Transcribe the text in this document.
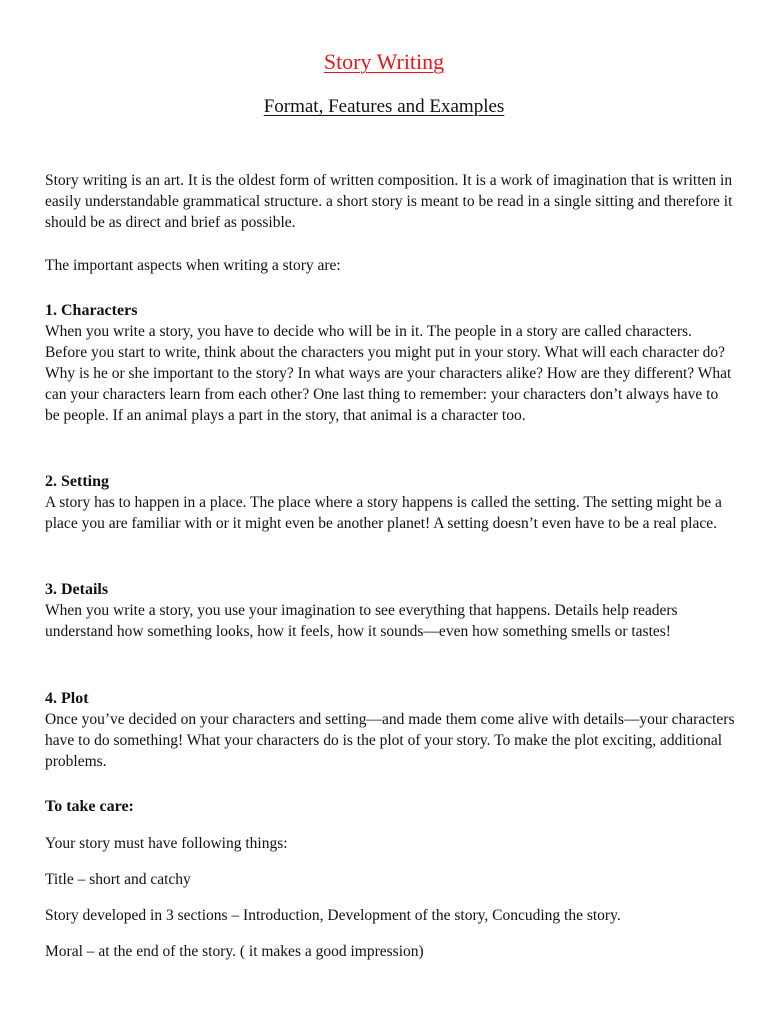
Story Writing
Format, Features and Examples

Story writing is an art. It is the oldest form of written composition. It is a work of imagination that is written in easily understandable grammatical structure. a short story is meant to be read in a single sitting and therefore it should be as direct and brief as possible.

The important aspects when writing a story are:

1. Characters

When you write a story, you have to decide who will be in it. The people in a story are called characters. Before you start to write, think about the characters you might put in your story. What will each character do? Why is he or she important to the story? In what ways are your characters alike? How are they different? What can your characters learn from each other? One last thing to remember: your characters don’t always have to be people. If an animal plays a part in the story, that animal is a character too.

2. Setting

A story has to happen in a place. The place where a story happens is called the setting. The setting might be a place you are familiar with or it might even be another planet! A setting doesn’t even have to be a real place.

3. Details

When you write a story, you use your imagination to see everything that happens. Details help readers understand how something looks, how it feels, how it sounds—even how something smells or tastes!

4. Plot

Once you’ve decided on your characters and setting—and made them come alive with details—your characters have to do something! What your characters do is the plot of your story. To make the plot exciting, additional problems.

To take care:

Your story must have following things:

Title – short and catchy

Story developed in 3 sections – Introduction, Development of the story, Concuding the story.

Moral – at the end of the story. ( it makes a good impression)
